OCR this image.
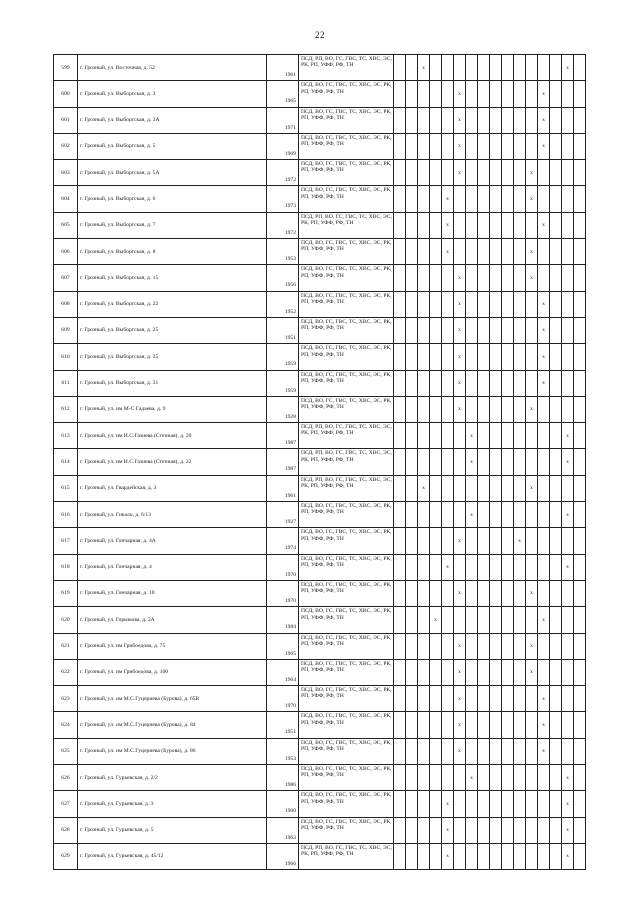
22
599	г. Грозный, ул. Восточная, д. 52	1961	ПСД, РП, ВО, ГС, ГВС, ТС, ХВС, ЭС, РК, РП, УФФ, РФ, ТН			х												х	
600	г. Грозный, ул. Выборгская, д. 3	1965	ПСД, ВО, ГС, ГВС, ТС, ХВС, ЭС, РК, РП, УФФ, РФ, ТН						х							х			
601	г. Грозный, ул. Выборгская, д. 3А	1971	ПСД, ВО, ГС, ГВС, ТС, ХВС, ЭС, РК, РП, УФФ, РФ, ТН						х							х			
602	г. Грозный, ул. Выборгская, д. 5	1969	ПСД, ВО, ГС, ГВС, ТС, ХВС, ЭС, РК, РП, УФФ, РФ, ТН						х							х			
603	г. Грозный, ул. Выборгская, д. 5А	1972	ПСД, ВО, ГС, ГВС, ТС, ХВС, ЭС, РК, РП, УФФ, РФ, ТН						х						х				
604	г. Грозный, ул. Выборгская, д. 6	1973	ПСД, ВО, ГС, ГВС, ТС, ХВС, ЭС, РК, РП, УФФ, РФ, ТН					х							х				
605	г. Грозный, ул. Выборгская, д. 7	1972	ПСД, РП, ВО, ГС, ГВС, ТС, ХВС, ЭС, РК, РП, УФФ, РФ, ТН					х								х			
606	г. Грозный, ул. Выборгская, д. 8	1953	ПСД, ВО, ГС, ГВС, ТС, ХВС, ЭС, РК, РП, УФФ, РФ, ТН					х							х				
607	г. Грозный, ул. Выборгская, д. 15	1956	ПСД, ВО, ГС, ГВС, ТС, ХВС, ЭС, РК, РП, УФФ, РФ, ТН						х						х				
608	г. Грозный, ул. Выборгская, д. 22	1952	ПСД, ВО, ГС, ГВС, ТС, ХВС, ЭС, РК, РП, УФФ, РФ, ТН						х							х			
609	г. Грозный, ул. Выборгская, д. 25	1951	ПСД, ВО, ГС, ГВС, ТС, ХВС, ЭС, РК, РП, УФФ, РФ, ТН						х							х			
610	г. Грозный, ул. Выборгская, д. 25	1959	ПСД, ВО, ГС, ГВС, ТС, ХВС, ЭС, РК, РП, УФФ, РФ, ТН						х							х			
611	г. Грозный, ул. Выборгская, д. 31	1959	ПСД, ВО, ГС, ГВС, ТС, ХВС, ЭС, РК, РП, УФФ, РФ, ТН						х							х			
612	г. Грозный, ул. им М-С Гадаева, д. 9	1928	ПСД, ВО, ГС, ГВС, ТС, ХВС, ЭС, РК, РП, УФФ, РФ, ТН						х						х				
613	г. Грозный, ул. им И.С.Газиева (Степная), д. 20	1987	ПСД, РП, ВО, ГС, ГВС, ТС, ХВС, ЭС, РК, РП, УФФ, РФ, ТН							х								х	
614	г. Грозный, ул. им И.С.Газиева (Степная), д. 22	1987	ПСД, РП, ВО, ГС, ГВС, ТС, ХВС, ЭС, РК, РП, УФФ, РФ, ТН							х								х	
615	г. Грозный, ул. Гвардейская, д. 3	1961	ПСД, РП, ВО, ГС, ГВС, ТС, ХВС, ЭС, РК, РП, УФФ, РФ, ТН			х									х				
616	г. Грозный, ул. Гикало, д. 6/13	1927	ПСД, ВО, ГС, ГВС, ТС, ХВС, ЭС, РК, РП, УФФ, РФ, ТН							х								х	
617	г. Грозный, ул. Гончарная, д. 4А	1974	ПСД, ВО, ГС, ГВС, ТС, ХВС, ЭС, РК, РП, УФФ, РФ, ТН						х					х					
618	г. Грозный, ул. Гончарная, д. 4	1970	ПСД, ВО, ГС, ГВС, ТС, ХВС, ЭС, РК, РП, УФФ, РФ, ТН					х										х	
619	г. Грозный, ул. Гончарная, д. 10	1970	ПСД, ВО, ГС, ГВС, ТС, ХВС, ЭС, РК, РП, УФФ, РФ, ТН						х						х				
620	г. Грозный, ул. Горьчкова, д. 2А	1984	ПСД, ВО, ГС, ГВС, ТС, ХВС, ЭС, РК, РП, УФФ, РФ, ТН				х									х			
621	г. Грозный, ул. им Грибоедова, д. 75	1965	ПСД, ВО, ГС, ГВС, ТС, ХВС, ЭС, РК, РП, УФФ, РФ, ТН						х						х				
622	г. Грозный, ул. им Грибоедова, д. 100	1964	ПСД, ВО, ГС, ГВС, ТС, ХВС, ЭС, РК, РП, УФФ, РФ, ТН						х						х				
623	г. Грозный, ул. им М.С.Гуцериева (Бурова), д. 65В	1970	ПСД, ВО, ГС, ГВС, ТС, ХВС, ЭС, РК, РП, УФФ, РФ, ТН						х							х			
624	г. Грозный, ул. им М.С.Гуцериева (Бурова), д. 84	1951	ПСД, ВО, ГС, ГВС, ТС, ХВС, ЭС, РК, РП, УФФ, РФ, ТН						х							х			
625	г. Грозный, ул. им М.С.Гуцериева (Бурова), д. 86	1953	ПСД, ВО, ГС, ГВС, ТС, ХВС, ЭС, РК, РП, УФФ, РФ, ТН						х							х			
626	г. Грозный, ул. Гурьевская, д. 2/2	1986	ПСД, ВО, ГС, ГВС, ТС, ХВС, ЭС, РК, РП, УФФ, РФ, ТН							х								х	
627	г. Грозный, ул. Гурьевская, д. 3	1960	ПСД, ВО, ГС, ГВС, ТС, ХВС, ЭС, РК, РП, УФФ, РФ, ТН					х										х	
628	г. Грозный, ул. Гурьевская, д. 5	1963	ПСД, ВО, ГС, ГВС, ТС, ХВС, ЭС, РК, РП, УФФ, РФ, ТН					х										х	
629	г. Грозный, ул. Гурьевская, д. 45/12	1966	ПСД, РП, ВО, ГС, ГВС, ТС, ХВС, ЭС, РК, РП, УФФ, РФ, ТН					х										х	
